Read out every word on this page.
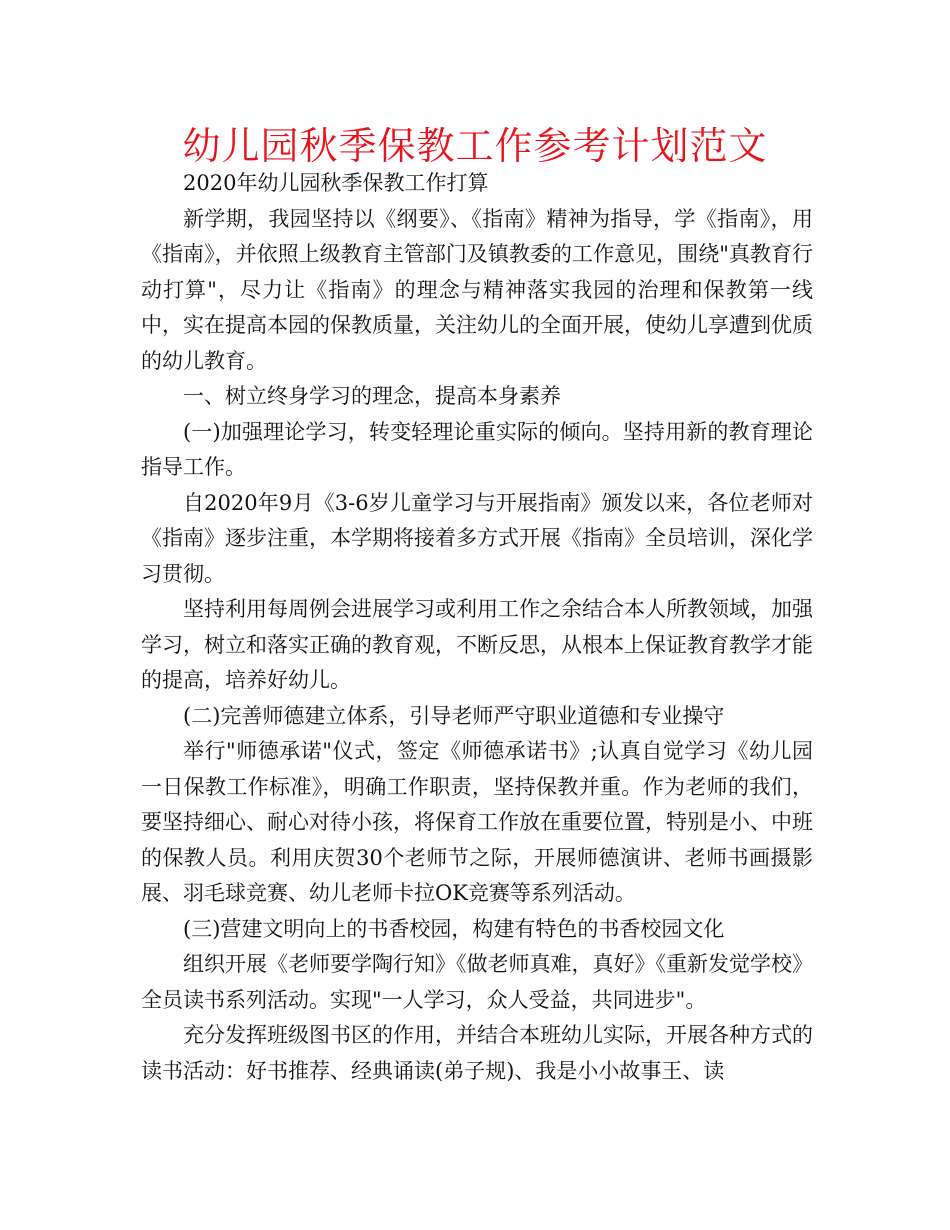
幼儿园秋季保教工作参考计划范文

2020年幼儿园秋季保教工作打算

新学期，我园坚持以《纲要》、《指南》精神为指导，学《指南》，用《指南》，并依照上级教育主管部门及镇教委的工作意见，围绕"真教育行动打算"，尽力让《指南》的理念与精神落实我园的治理和保教第一线中，实在提高本园的保教质量，关注幼儿的全面开展，使幼儿享遭到优质的幼儿教育。

一、树立终身学习的理念，提高本身素养

(一)加强理论学习，转变轻理论重实际的倾向。坚持用新的教育理论指导工作。

自2020年9月《3-6岁儿童学习与开展指南》颁发以来，各位老师对《指南》逐步注重，本学期将接着多方式开展《指南》全员培训，深化学习贯彻。

坚持利用每周例会进展学习或利用工作之余结合本人所教领域，加强学习，树立和落实正确的教育观，不断反思，从根本上保证教育教学才能的提高，培养好幼儿。

(二)完善师德建立体系，引导老师严守职业道德和专业操守

举行"师德承诺"仪式，签定《师德承诺书》;认真自觉学习《幼儿园一日保教工作标准》，明确工作职责，坚持保教并重。作为老师的我们，要坚持细心、耐心对待小孩，将保育工作放在重要位置，特别是小、中班的保教人员。利用庆贺30个老师节之际，开展师德演讲、老师书画摄影展、羽毛球竞赛、幼儿老师卡拉OK竞赛等系列活动。

(三)营建文明向上的书香校园，构建有特色的书香校园文化

组织开展《老师要学陶行知》《做老师真难，真好》《重新发觉学校》全员读书系列活动。实现"一人学习，众人受益，共同进步"。

充分发挥班级图书区的作用，并结合本班幼儿实际，开展各种方式的读书活动：好书推荐、经典诵读(弟子规)、我是小小故事王、读
